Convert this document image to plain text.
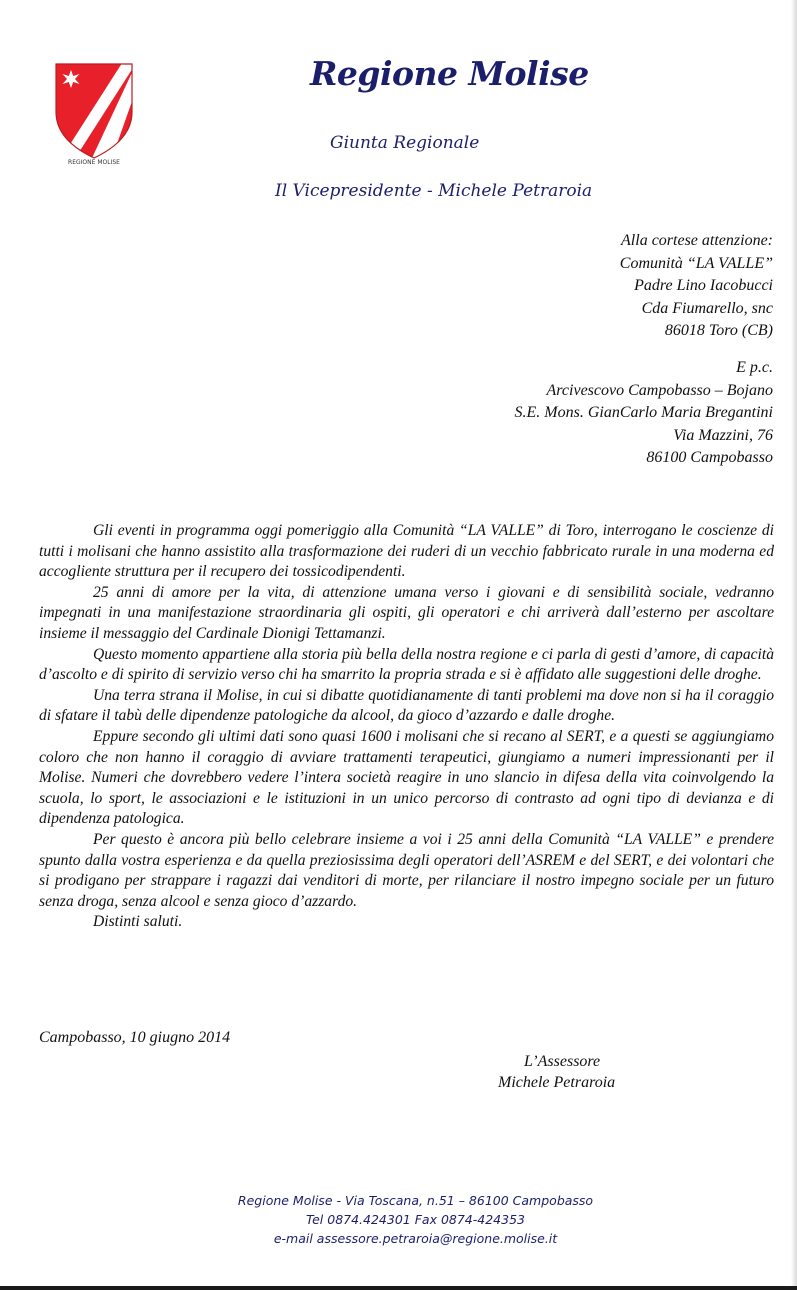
REGIONE MOLISE
Regione Molise
Giunta Regionale
Il Vicepresidente - Michele Petraroia
Alla cortese attenzione:
Comunità “LA VALLE”
Padre Lino Iacobucci
Cda Fiumarello, snc
86018 Toro (CB)
E p.c.
Arcivescovo Campobasso – Bojano
S.E. Mons. GianCarlo Maria Bregantini
Via Mazzini, 76
86100 Campobasso

Gli eventi in programma oggi pomeriggio alla Comunità “LA VALLE” di Toro, interrogano le coscienze di tutti i molisani che hanno assistito alla trasformazione dei ruderi di un vecchio fabbricato rurale in una moderna ed accogliente struttura per il recupero dei tossicodipendenti.

25 anni di amore per la vita, di attenzione umana verso i giovani e di sensibilità sociale, vedranno impegnati in una manifestazione straordinaria gli ospiti, gli operatori e chi arriverà dall’esterno per ascoltare insieme il messaggio del Cardinale Dionigi Tettamanzi.

Questo momento appartiene alla storia più bella della nostra regione e ci parla di gesti d’amore, di capacità d’ascolto e di spirito di servizio verso chi ha smarrito la propria strada e si è affidato alle suggestioni delle droghe.

Una terra strana il Molise, in cui si dibatte quotidianamente di tanti problemi ma dove non si ha il coraggio di sfatare il tabù delle dipendenze patologiche da alcool, da gioco d’azzardo e dalle droghe.

Eppure secondo gli ultimi dati sono quasi 1600 i molisani che si recano al SERT, e a questi se aggiungiamo coloro che non hanno il coraggio di avviare trattamenti terapeutici, giungiamo a numeri impressionanti per il Molise. Numeri che dovrebbero vedere l’intera società reagire in uno slancio in difesa della vita coinvolgendo la scuola, lo sport, le associazioni e le istituzioni in un unico percorso di contrasto ad ogni tipo di devianza e di dipendenza patologica.

Per questo è ancora più bello celebrare insieme a voi i 25 anni della Comunità “LA VALLE” e prendere spunto dalla vostra esperienza e da quella preziosissima degli operatori dell’ASREM e del SERT, e dei volontari che si prodigano per strappare i ragazzi dai venditori di morte, per rilanciare il nostro impegno sociale per un futuro senza droga, senza alcool e senza gioco d’azzardo.

Distinti saluti.

Campobasso, 10 giugno 2014
L’Assessore
Michele Petraroia
Regione Molise - Via Toscana, n.51 – 86100 Campobasso
Tel 0874.424301 Fax 0874-424353
e-mail assessore.petraroia@regione.molise.it
